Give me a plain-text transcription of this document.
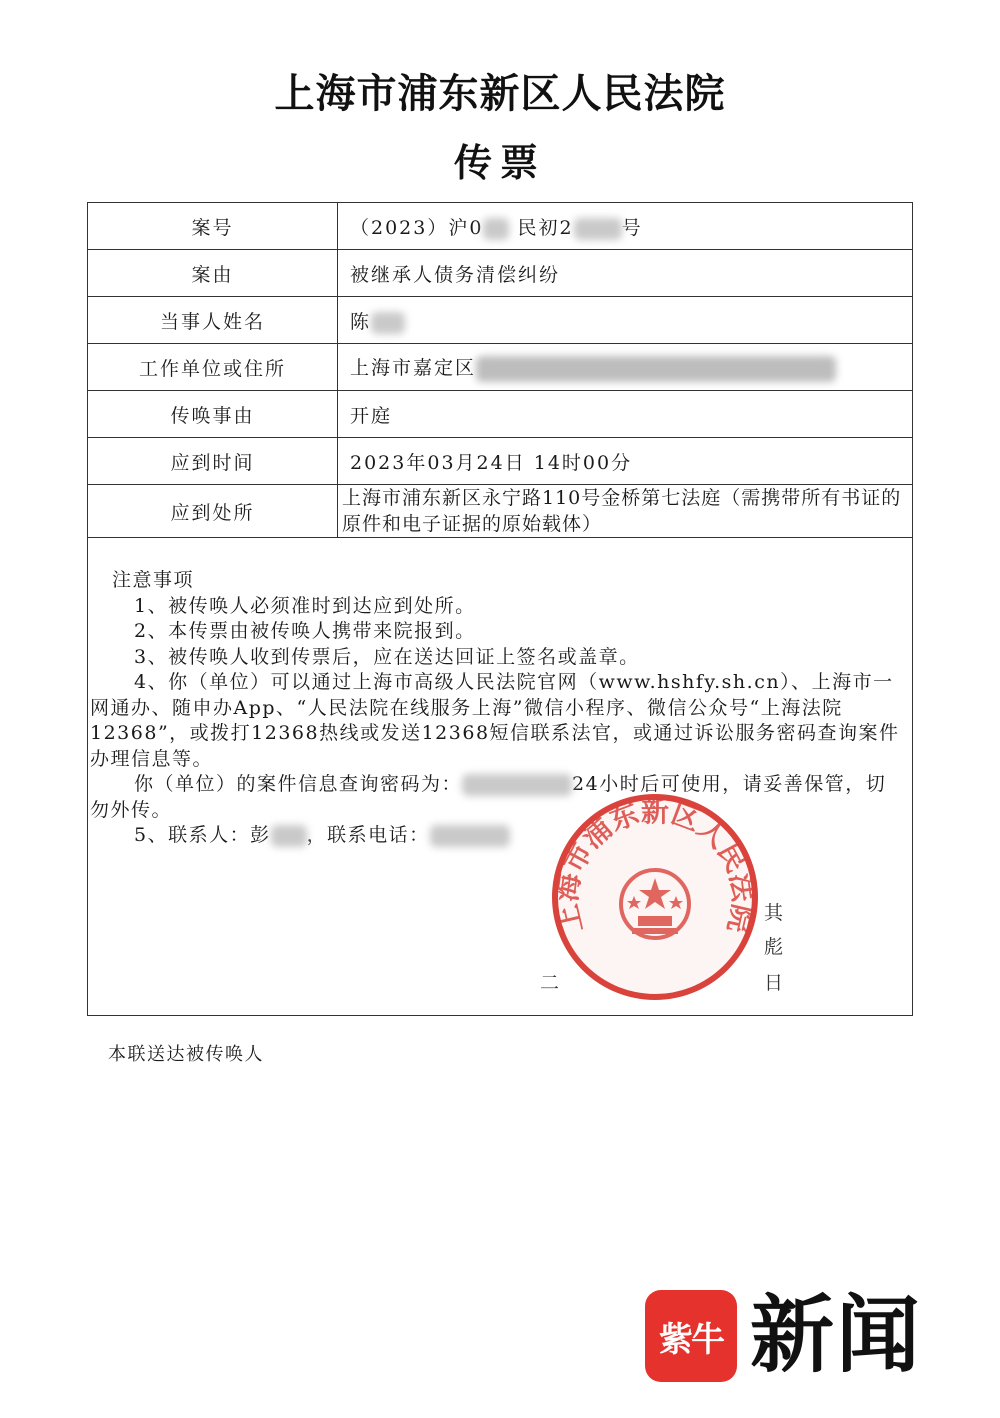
上海市浦东新区人民法院
传票
案号	（2023）沪0 民初2 号
案由	被继承人债务清偿纠纷
当事人姓名	陈
工作单位或住所	上海市嘉定区
传唤事由	开庭
应到时间	2023年03月24日 14时00分
应到处所	上海市浦东新区永宁路110号金桥第七法庭（需携带所有书证的原件和电子证据的原始载体）

注意事项

1、被传唤人必须准时到达应到处所。

2、本传票由被传唤人携带来院报到。

3、被传唤人收到传票后，应在送达回证上签名或盖章。

4、你（单位）可以通过上海市高级人民法院官网（www.hshfy.sh.cn）、上海市一网通办、随申办App、“人民法院在线服务上海”微信小程序、微信公众号“上海法院12368”，或拨打12368热线或发送12368短信联系法官，或通过诉讼服务密码查询案件办理信息等。

你（单位）的案件信息查询密码为：	24小时后可使用，请妥善保管，切勿外传。

5、联系人：彭 ，联系电话：

其
彪
二	日
上海市浦东新区人民法院
本联送达被传唤人
紫牛 新闻
